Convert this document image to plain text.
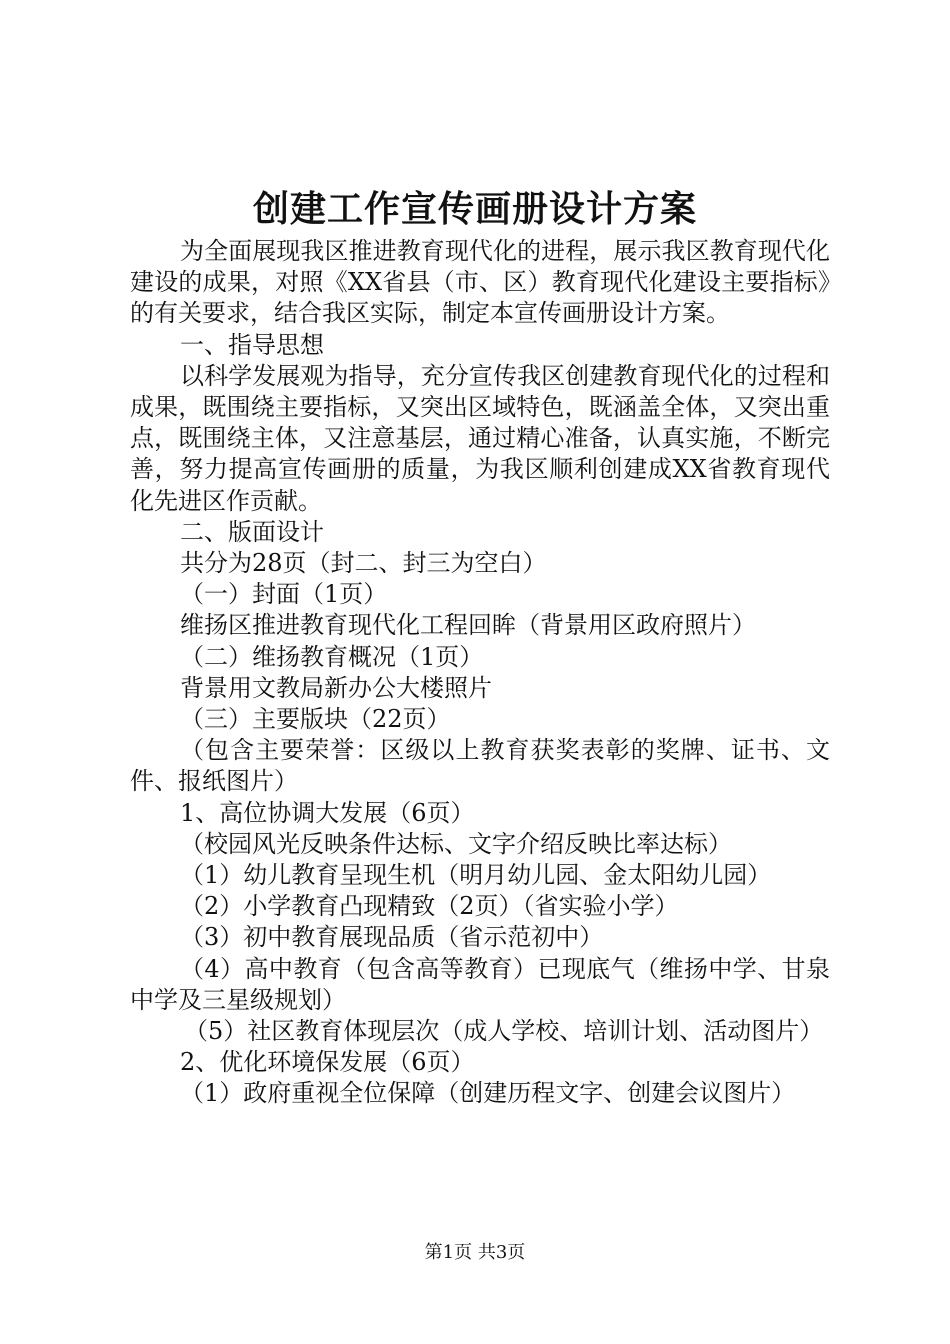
创建工作宣传画册设计方案

为全面展现我区推进教育现代化的进程，展示我区教育现代化建设的成果，对照《XX省县（市、区）教育现代化建设主要指标》的有关要求，结合我区实际，制定本宣传画册设计方案。

一、指导思想

以科学发展观为指导，充分宣传我区创建教育现代化的过程和成果，既围绕主要指标，又突出区域特色，既涵盖全体，又突出重点，既围绕主体，又注意基层，通过精心准备，认真实施，不断完善，努力提高宣传画册的质量，为我区顺利创建成XX省教育现代化先进区作贡献。

二、版面设计

共分为28页（封二、封三为空白）

（一）封面（1页）

维扬区推进教育现代化工程回眸（背景用区政府照片）

（二）维扬教育概况（1页）

背景用文教局新办公大楼照片

（三）主要版块（22页）

（包含主要荣誉：区级以上教育获奖表彰的奖牌、证书、文件、报纸图片）

1、高位协调大发展（6页）

（校园风光反映条件达标、文字介绍反映比率达标）

（1）幼儿教育呈现生机（明月幼儿园、金太阳幼儿园）

（2）小学教育凸现精致（2页）（省实验小学）

（3）初中教育展现品质（省示范初中）

（4）高中教育（包含高等教育）已现底气（维扬中学、甘泉中学及三星级规划）

（5）社区教育体现层次（成人学校、培训计划、活动图片）

2、优化环境保发展（6页）

（1）政府重视全位保障（创建历程文字、创建会议图片）

第1页 共3页
